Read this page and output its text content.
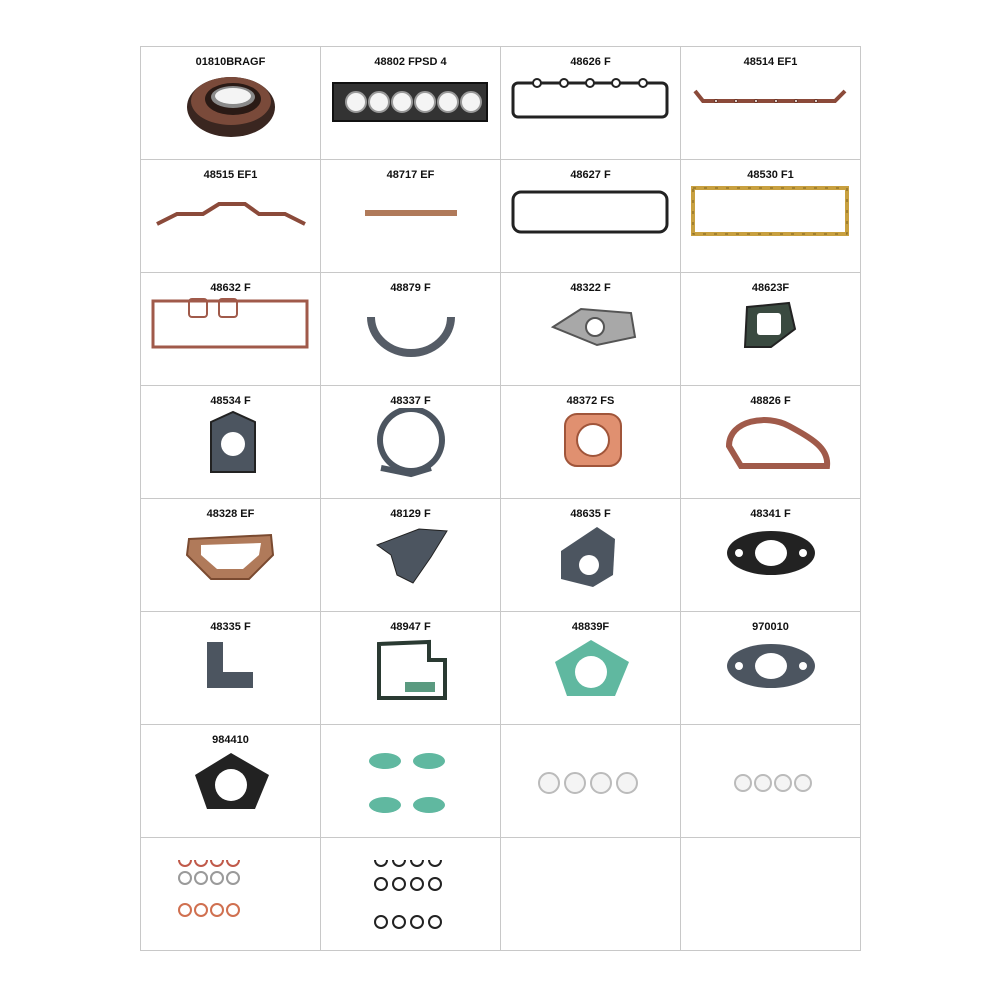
01810BRAGF	48802 FPSD 4	48626 F	48514 EF1

48515 EF1	48717 EF	48627 F	48530 F1

48632 F	48879 F	48322 F	48623F

48534 F	48337 F	48372 FS	48826 F

48328 EF	48129 F	48635 F	48341 F

48335 F	48947 F	48839F	970010

984410
